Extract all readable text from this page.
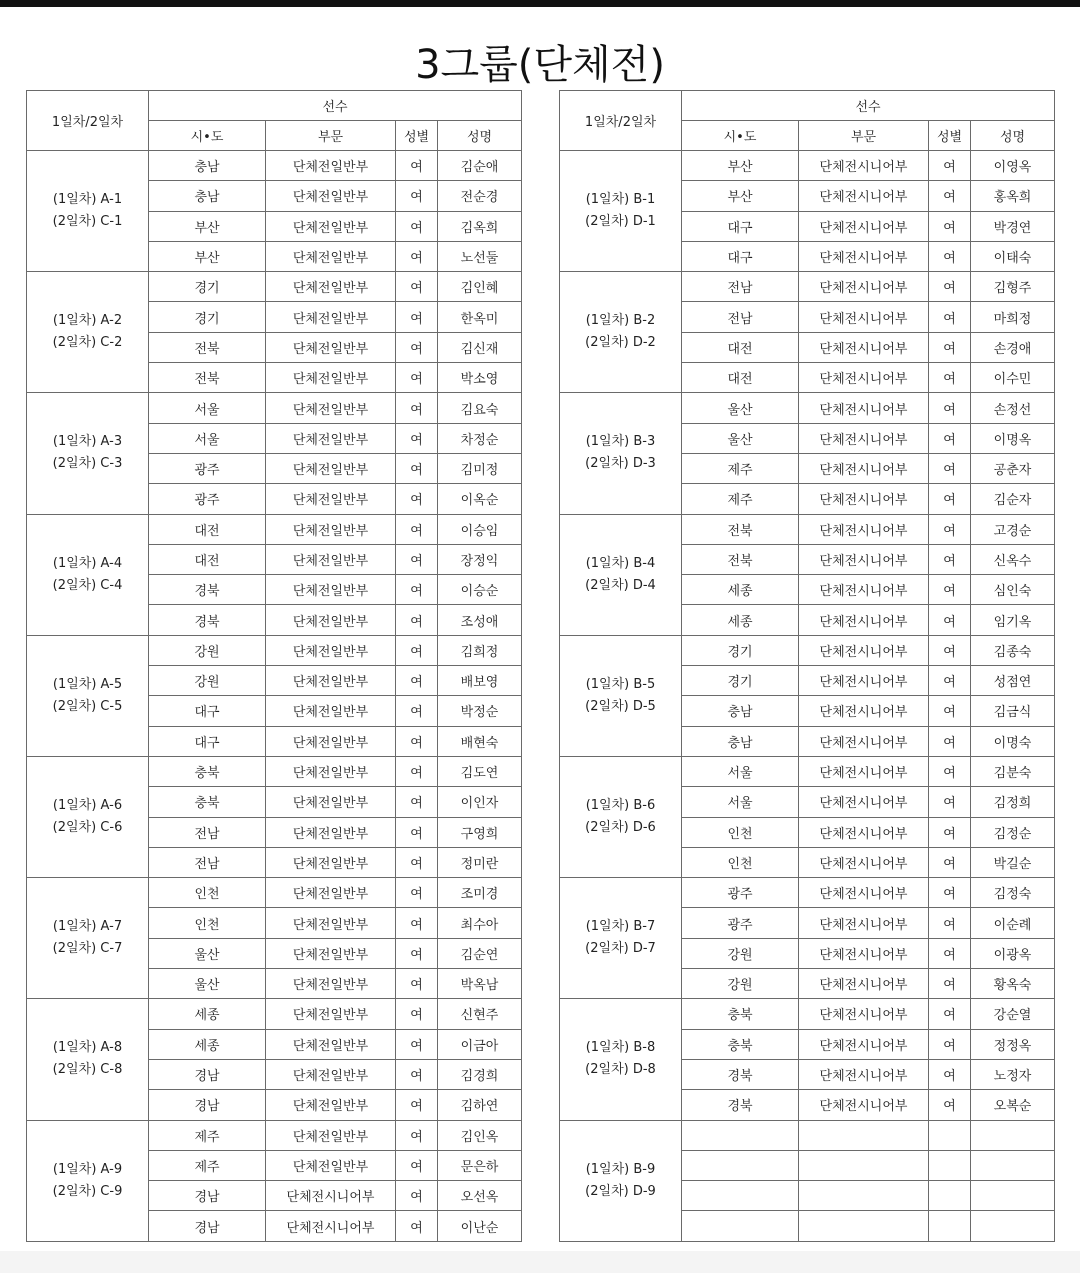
3그룹(단체전)
1일차/2일차	선수			
	시•도	부문	성별	성명

(1일차) A-1
(2일차) C-1	충남	단체전일반부	여	김순애
	충남	단체전일반부	여	전순경
	부산	단체전일반부	여	김옥희
	부산	단체전일반부	여	노선둘

(1일차) A-2
(2일차) C-2	경기	단체전일반부	여	김인혜
	경기	단체전일반부	여	한옥미
	전북	단체전일반부	여	김신재
	전북	단체전일반부	여	박소영

(1일차) A-3
(2일차) C-3	서울	단체전일반부	여	김요숙
	서울	단체전일반부	여	차정순
	광주	단체전일반부	여	김미정
	광주	단체전일반부	여	이옥순

(1일차) A-4
(2일차) C-4	대전	단체전일반부	여	이승임
	대전	단체전일반부	여	장정익
	경북	단체전일반부	여	이승순
	경북	단체전일반부	여	조성애

(1일차) A-5
(2일차) C-5	강원	단체전일반부	여	김희정
	강원	단체전일반부	여	배보영
	대구	단체전일반부	여	박정순
	대구	단체전일반부	여	배현숙

(1일차) A-6
(2일차) C-6	충북	단체전일반부	여	김도연
	충북	단체전일반부	여	이인자
	전남	단체전일반부	여	구영희
	전남	단체전일반부	여	정미란

(1일차) A-7
(2일차) C-7	인천	단체전일반부	여	조미경
	인천	단체전일반부	여	최수아
	울산	단체전일반부	여	김순연
	울산	단체전일반부	여	박옥남

(1일차) A-8
(2일차) C-8	세종	단체전일반부	여	신현주
	세종	단체전일반부	여	이금아
	경남	단체전일반부	여	김경희
	경남	단체전일반부	여	김하연

(1일차) A-9
(2일차) C-9	제주	단체전일반부	여	김인옥
	제주	단체전일반부	여	문은하
	경남	단체전시니어부	여	오선옥
	경남	단체전시니어부	여	이난순
1일차/2일차	선수			
	시•도	부문	성별	성명

(1일차) B-1
(2일차) D-1	부산	단체전시니어부	여	이영옥
	부산	단체전시니어부	여	홍옥희
	대구	단체전시니어부	여	박경연
	대구	단체전시니어부	여	이태숙

(1일차) B-2
(2일차) D-2	전남	단체전시니어부	여	김형주
	전남	단체전시니어부	여	마희정
	대전	단체전시니어부	여	손경애
	대전	단체전시니어부	여	이수민

(1일차) B-3
(2일차) D-3	울산	단체전시니어부	여	손정선
	울산	단체전시니어부	여	이명옥
	제주	단체전시니어부	여	공춘자
	제주	단체전시니어부	여	김순자

(1일차) B-4
(2일차) D-4	전북	단체전시니어부	여	고경순
	전북	단체전시니어부	여	신옥수
	세종	단체전시니어부	여	심인숙
	세종	단체전시니어부	여	임기옥

(1일차) B-5
(2일차) D-5	경기	단체전시니어부	여	김종숙
	경기	단체전시니어부	여	성점연
	충남	단체전시니어부	여	김금식
	충남	단체전시니어부	여	이명숙

(1일차) B-6
(2일차) D-6	서울	단체전시니어부	여	김분숙
	서울	단체전시니어부	여	김정희
	인천	단체전시니어부	여	김정순
	인천	단체전시니어부	여	박길순

(1일차) B-7
(2일차) D-7	광주	단체전시니어부	여	김정숙
	광주	단체전시니어부	여	이순례
	강원	단체전시니어부	여	이광옥
	강원	단체전시니어부	여	황옥숙

(1일차) B-8
(2일차) D-8	충북	단체전시니어부	여	강순열
	충북	단체전시니어부	여	정정옥
	경북	단체전시니어부	여	노정자
	경북	단체전시니어부	여	오복순

(1일차) B-9
(2일차) D-9				
